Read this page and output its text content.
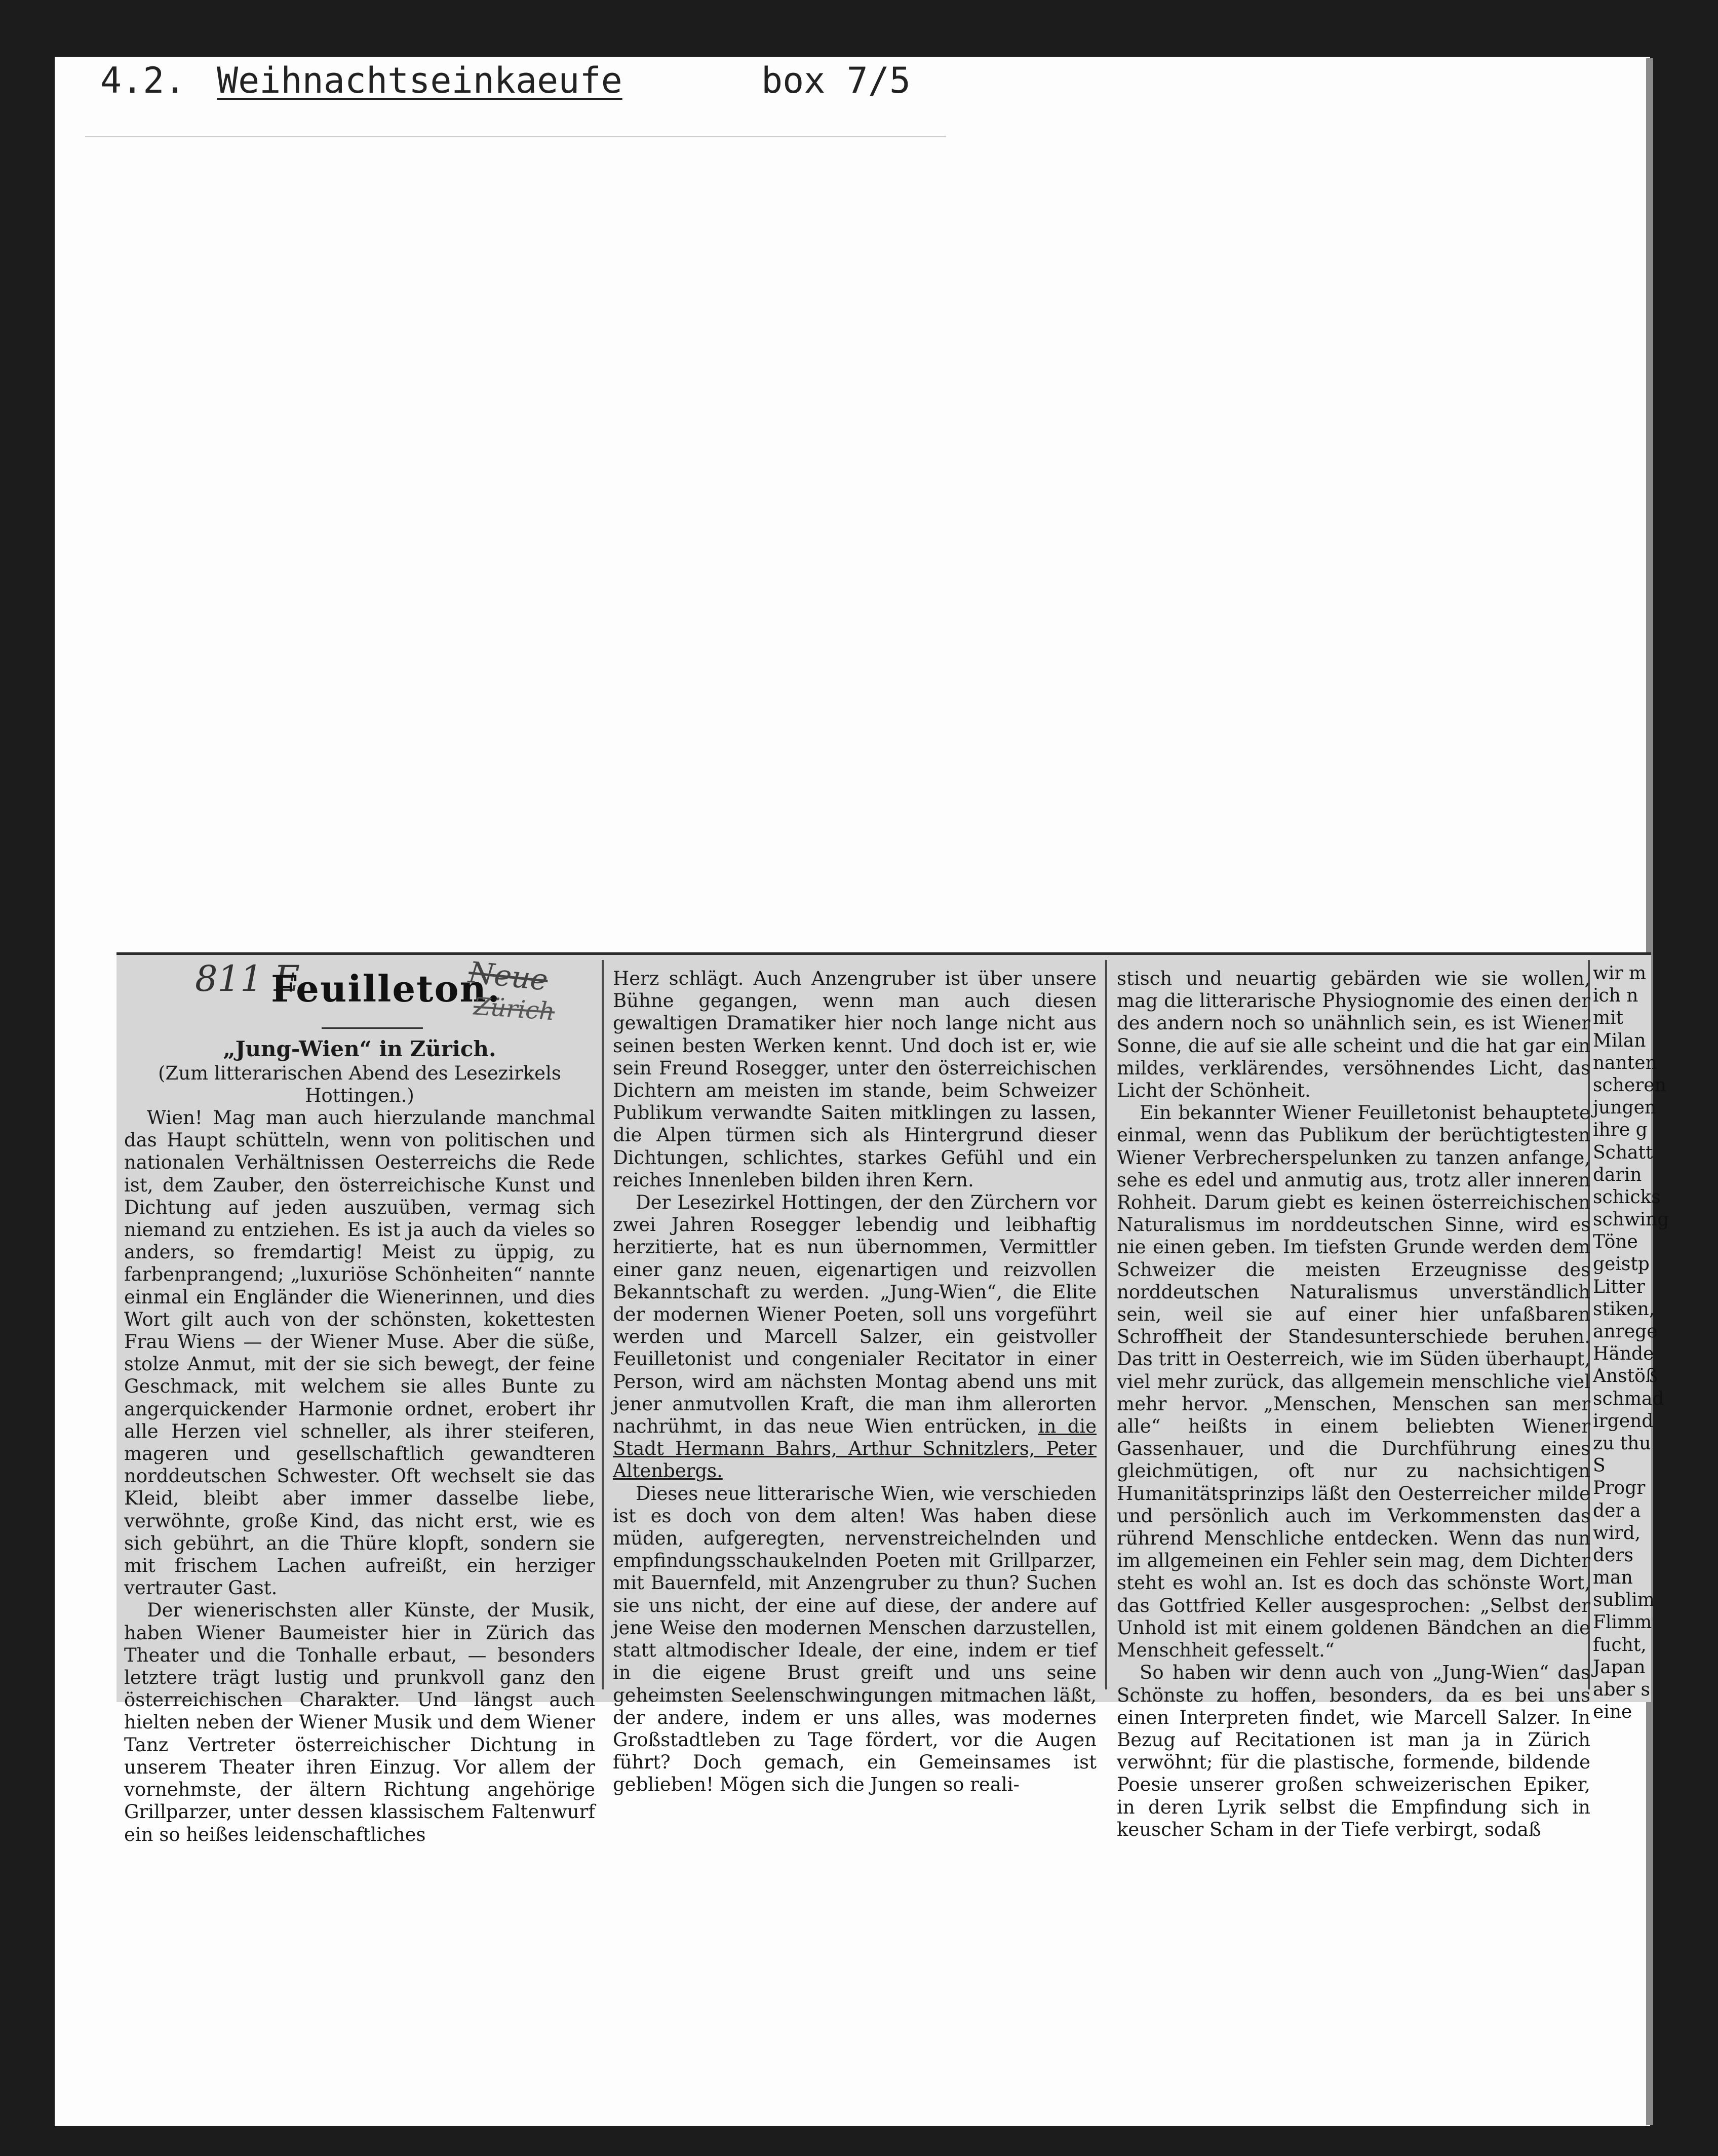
4.2. Weihnachtseinkaeufe	box 7/5
811 E
Feuilleton.
Neue
Zürich
„Jung-Wien“ in Zürich.
(Zum litterarischen Abend des Lesezirkels Hottingen.)

Wien! Mag man auch hierzulande manchmal das Haupt schütteln, wenn von politischen und nationalen Verhältnissen Oesterreichs die Rede ist, dem Zauber, den österreichische Kunst und Dichtung auf jeden auszuüben, vermag sich niemand zu entziehen. Es ist ja auch da vieles so anders, so fremdartig! Meist zu üppig, zu farbenprangend; „luxuriöse Schönheiten“ nannte einmal ein Engländer die Wienerinnen, und dies Wort gilt auch von der schönsten, kokettesten Frau Wiens — der Wiener Muse. Aber die süße, stolze Anmut, mit der sie sich bewegt, der feine Geschmack, mit welchem sie alles Bunte zu angerquickender Harmonie ordnet, erobert ihr alle Herzen viel schneller, als ihrer steiferen, mageren und gesellschaftlich gewandteren norddeutschen Schwester. Oft wechselt sie das Kleid, bleibt aber immer dasselbe liebe, verwöhnte, große Kind, das nicht erst, wie es sich gebührt, an die Thüre klopft, sondern sie mit frischem Lachen aufreißt, ein herziger vertrauter Gast.

Der wienerischsten aller Künste, der Musik, haben Wiener Baumeister hier in Zürich das Theater und die Tonhalle erbaut, — besonders letztere trägt lustig und prunkvoll ganz den österreichischen Charakter. Und längst auch hielten neben der Wiener Musik und dem Wiener Tanz Vertreter österreichischer Dichtung in unserem Theater ihren Einzug. Vor allem der vornehmste, der ältern Richtung angehörige Grillparzer, unter dessen klassischem Faltenwurf ein so heißes leidenschaftliches

Herz schlägt. Auch Anzengruber ist über unsere Bühne gegangen, wenn man auch diesen gewaltigen Dramatiker hier noch lange nicht aus seinen besten Werken kennt. Und doch ist er, wie sein Freund Rosegger, unter den österreichischen Dichtern am meisten im stande, beim Schweizer Publikum verwandte Saiten mitklingen zu lassen, die Alpen türmen sich als Hintergrund dieser Dichtungen, schlichtes, starkes Gefühl und ein reiches Innenleben bilden ihren Kern.

Der Lesezirkel Hottingen, der den Zürchern vor zwei Jahren Rosegger lebendig und leibhaftig herzitierte, hat es nun übernommen, Vermittler einer ganz neuen, eigenartigen und reizvollen Bekanntschaft zu werden. „Jung-Wien“, die Elite der modernen Wiener Poeten, soll uns vorgeführt werden und Marcell Salzer, ein geistvoller Feuilletonist und congenialer Recitator in einer Person, wird am nächsten Montag abend uns mit jener anmutvollen Kraft, die man ihm allerorten nachrühmt, in das neue Wien entrücken, in die Stadt Hermann Bahrs, Arthur Schnitzlers, Peter Altenbergs.

Dieses neue litterarische Wien, wie verschieden ist es doch von dem alten! Was haben diese müden, aufgeregten, nervenstreichelnden und empfindungsschaukelnden Poeten mit Grillparzer, mit Bauernfeld, mit Anzengruber zu thun? Suchen sie uns nicht, der eine auf diese, der andere auf jene Weise den modernen Menschen darzustellen, statt altmodischer Ideale, der eine, indem er tief in die eigene Brust greift und uns seine geheimsten Seelenschwingungen mitmachen läßt, der andere, indem er uns alles, was modernes Großstadtleben zu Tage fördert, vor die Augen führt? Doch gemach, ein Gemeinsames ist geblieben! Mögen sich die Jungen so reali-

stisch und neuartig gebärden wie sie wollen, mag die litterarische Physiognomie des einen der des andern noch so unähnlich sein, es ist Wiener Sonne, die auf sie alle scheint und die hat gar ein mildes, verklärendes, versöhnendes Licht, das Licht der Schönheit.

Ein bekannter Wiener Feuilletonist behauptete einmal, wenn das Publikum der berüchtigtesten Wiener Verbrecherspelunken zu tanzen anfange, sehe es edel und anmutig aus, trotz aller inneren Rohheit. Darum giebt es keinen österreichischen Naturalismus im norddeutschen Sinne, wird es nie einen geben. Im tiefsten Grunde werden dem Schweizer die meisten Erzeugnisse des norddeutschen Naturalismus unverständlich sein, weil sie auf einer hier unfaßbaren Schroffheit der Standesunterschiede beruhen. Das tritt in Oesterreich, wie im Süden überhaupt, viel mehr zurück, das allgemein menschliche viel mehr hervor. „Menschen, Menschen san mer alle“ heißts in einem beliebten Wiener Gassenhauer, und die Durchführung eines gleichmütigen, oft nur zu nachsichtigen Humanitätsprinzips läßt den Oesterreicher milde und persönlich auch im Verkommensten das rührend Menschliche entdecken. Wenn das nun im allgemeinen ein Fehler sein mag, dem Dichter steht es wohl an. Ist es doch das schönste Wort, das Gottfried Keller ausgesprochen: „Selbst der Unhold ist mit einem goldenen Bändchen an die Menschheit gefesselt.“

So haben wir denn auch von „Jung-Wien“ das Schönste zu hoffen, besonders, da es bei uns einen Interpreten findet, wie Marcell Salzer. In Bezug auf Recitationen ist man ja in Zürich verwöhnt; für die plastische, formende, bildende Poesie unserer großen schweizerischen Epiker, in deren Lyrik selbst die Empfindung sich in keuscher Scham in der Tiefe verbirgt, sodaß

wir m
ich n
mit
Milan
nanten
scheren
jungen
ihre g
Schatt
darin
schicks
schwing
Töne
geistp
Litter
stiken,
anrege
Hände
Anstöß
schmad
irgend
zu thu
S
Progr
der a
wird,
ders
man
sublim
Flimm
fucht,
Japan
aber s
eine
